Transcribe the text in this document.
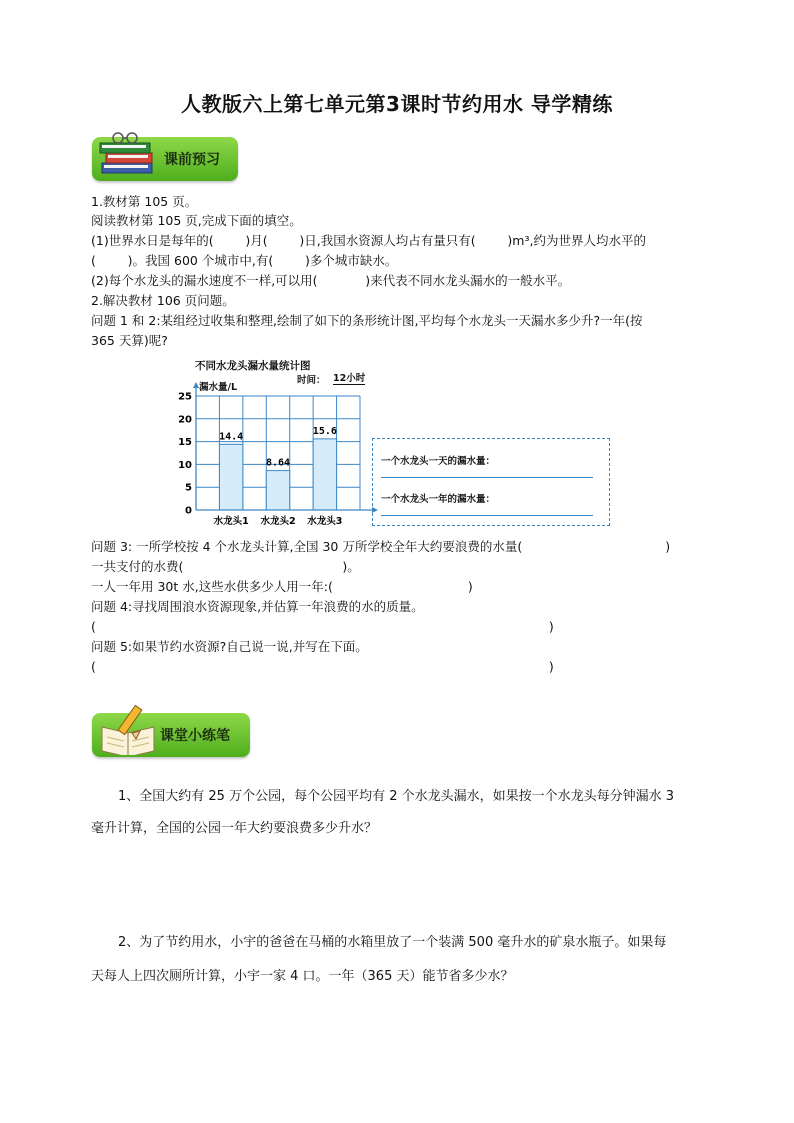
人教版六上第七单元第3课时节约用水 导学精练
课前预习
1.教材第 105 页。
阅读教材第 105 页,完成下面的填空。
(1)世界水日是每年的(        )月(        )日,我国水资源人均占有量只有(        )m³,约为世界人均水平的
(        )。我国 600 个城市中,有(        )多个城市缺水。
(2)每个水龙头的漏水速度不一样,可以用(            )来代表不同水龙头漏水的一般水平。
2.解决教材 106 页问题。
问题 1 和 2:某组经过收集和整理,绘制了如下的条形统计图,平均每个水龙头一天漏水多少升?一年(按
365 天算)呢?
不同水龙头漏水量统计图
漏水量/L
时间： 12小时
14.4
8.64
15.6
0
5
10
15
20
25
水龙头1 水龙头2 水龙头3
一个水龙头一天的漏水量：
一个水龙头一年的漏水量：
问题 3: 一所学校按 4 个水龙头计算,全国 30 万所学校全年大约要浪费的水量(                                    )
一共支付的水费(                                        )。
一人一年用 30t 水,这些水供多少人用一年:(                                  )
问题 4:寻找周围浪水资源现象,并估算一年浪费的水的质量。
(                                                                                                                  )
问题 5:如果节约水资源?自己说一说,并写在下面。
(                                                                                                                  )
课堂小练笔
1、全国大约有 25 万个公园，每个公园平均有 2 个水龙头漏水，如果按一个水龙头每分钟漏水 3
毫升计算，全国的公园一年大约要浪费多少升水？
2、为了节约用水，小宇的爸爸在马桶的水箱里放了一个装满 500 毫升水的矿泉水瓶子。如果每
天每人上四次厕所计算，小宇一家 4 口。一年（365 天）能节省多少水？
